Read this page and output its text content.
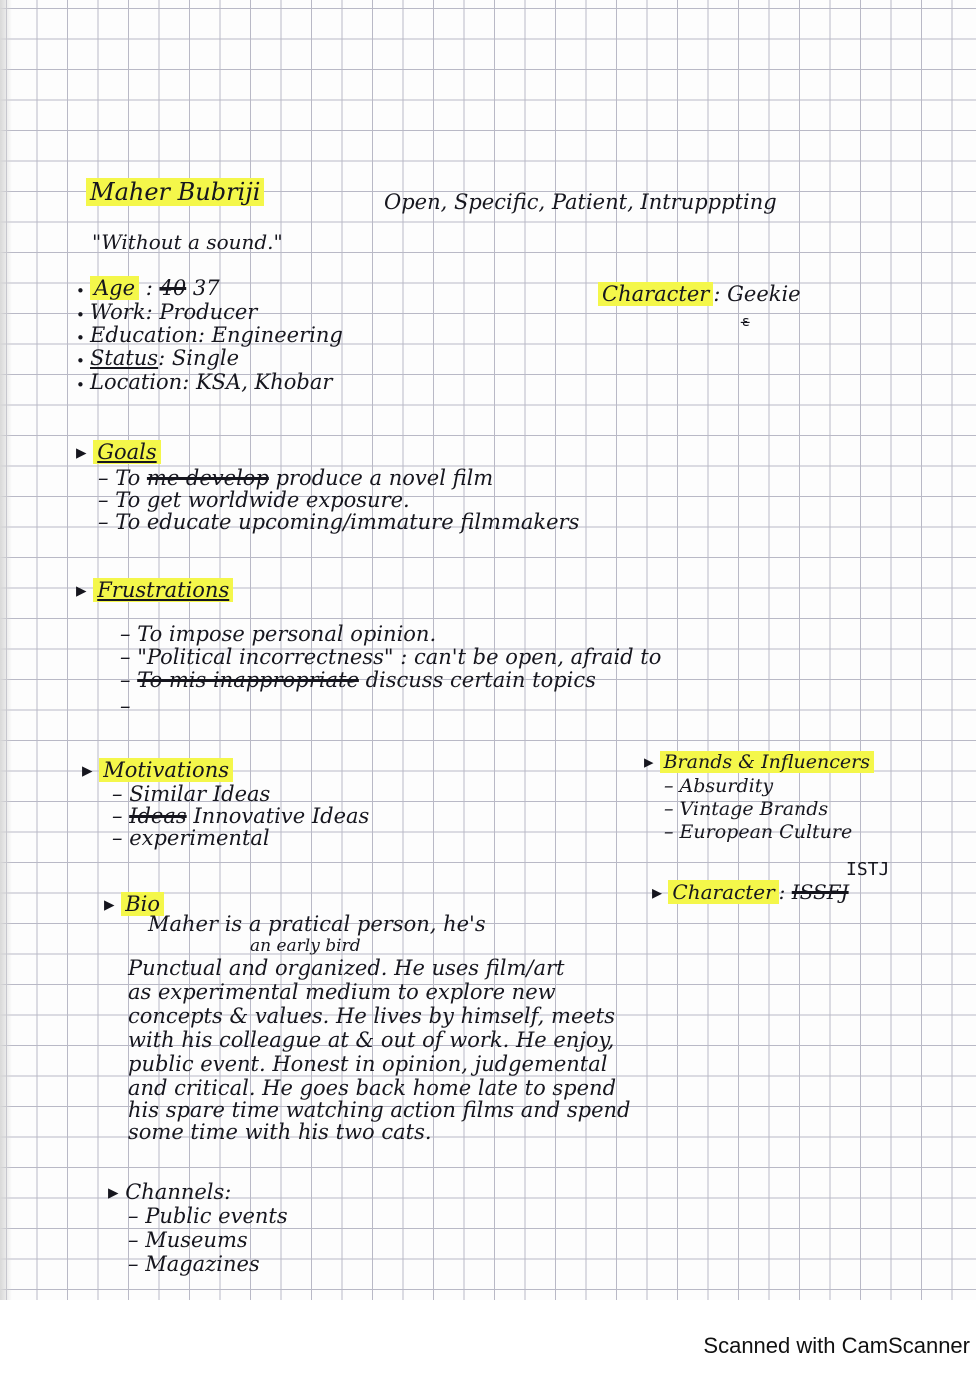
Maher Bubriji	Open, Specific, Patient, Intrupppting
"Without a sound."
• Age : 40 37
• Work: Producer
• Education: Engineering
• Status: Single
• Location: KSA, Khobar
Character : Geekie
ɛ̶
▸ Goals
– To me develop produce a novel film
– To get worldwide exposure.
– To educate upcoming/immature filmmakers
▸ Frustrations
– To impose personal opinion.
– "Political incorrectness" : can't be open, afraid to
– To mis inappropriate discuss certain topics
–
▸ Motivations
– Similar Ideas
– Ideas Innovative Ideas
– experimental
▸ Brands & Influencers
– Absurdity
– Vintage Brands
– European Culture
ISTJ
▸ Character : ISSFJ
▸ Bio
Maher is a pratical person, he's
an early bird
Punctual and organized. He uses film/art
as experimental medium to explore new
concepts & values. He lives by himself, meets
with his colleague at & out of work. He enjoy,
public event. Honest in opinion, judgemental
and critical. He goes back home late to spend
his spare time watching action films and spend
some time with his two cats.
▸ Channels:
– Public events
– Museums
– Magazines
Scanned with CamScanner
